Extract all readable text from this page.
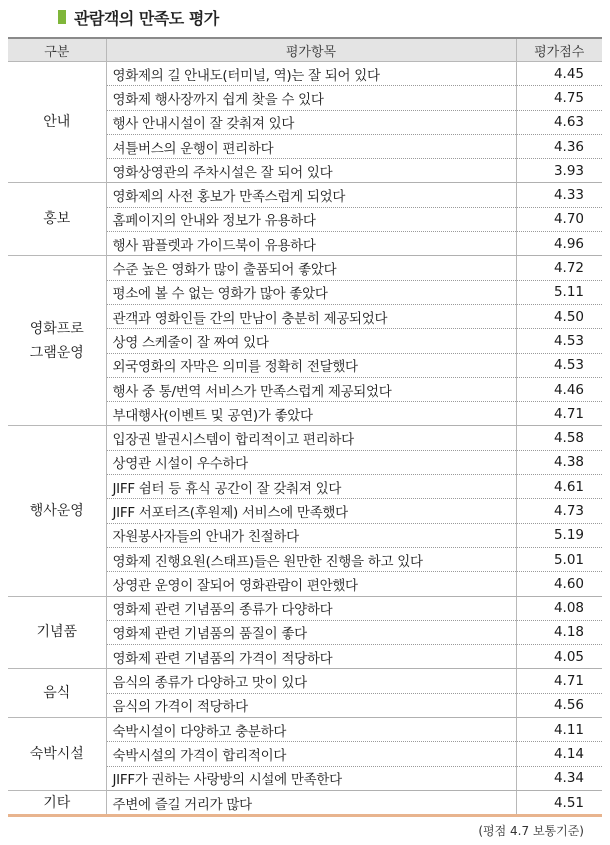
관람객의 만족도 평가
구분	평가항목	평가점수

안내	영화제의 길 안내도(터미널, 역)는 잘 되어 있다	4.45
	영화제 행사장까지 쉽게 찾을 수 있다	4.75
	행사 안내시설이 잘 갖춰져 있다	4.63
	셔틀버스의 운행이 편리하다	4.36
	영화상영관의 주차시설은 잘 되어 있다	3.93

홍보	영화제의 사전 홍보가 만족스럽게 되었다	4.33
	홈페이지의 안내와 정보가 유용하다	4.70
	행사 팜플렛과 가이드북이 유용하다	4.96

영화프로
그램운영	수준 높은 영화가 많이 출품되어 좋았다	4.72
	평소에 볼 수 없는 영화가 많아 좋았다	5.11
	관객과 영화인들 간의 만남이 충분히 제공되었다	4.50
	상영 스케줄이 잘 짜여 있다	4.53
	외국영화의 자막은 의미를 정확히 전달했다	4.53
	행사 중 통/번역 서비스가 만족스럽게 제공되었다	4.46
	부대행사(이벤트 및 공연)가 좋았다	4.71

행사운영	입장권 발권시스템이 합리적이고 편리하다	4.58
	상영관 시설이 우수하다	4.38
	JIFF 쉼터 등 휴식 공간이 잘 갖춰져 있다	4.61
	JIFF 서포터즈(후원제) 서비스에 만족했다	4.73
	자원봉사자들의 안내가 친절하다	5.19
	영화제 진행요원(스태프)들은 원만한 진행을 하고 있다	5.01
	상영관 운영이 잘되어 영화관람이 편안했다	4.60

기념품	영화제 관련 기념품의 종류가 다양하다	4.08
	영화제 관련 기념품의 품질이 좋다	4.18
	영화제 관련 기념품의 가격이 적당하다	4.05

음식	음식의 종류가 다양하고 맛이 있다	4.71
	음식의 가격이 적당하다	4.56

숙박시설	숙박시설이 다양하고 충분하다	4.11
	숙박시설의 가격이 합리적이다	4.14
	JIFF가 권하는 사랑방의 시설에 만족한다	4.34

기타	주변에 즐길 거리가 많다	4.51
(평점 4.7 보통기준)
